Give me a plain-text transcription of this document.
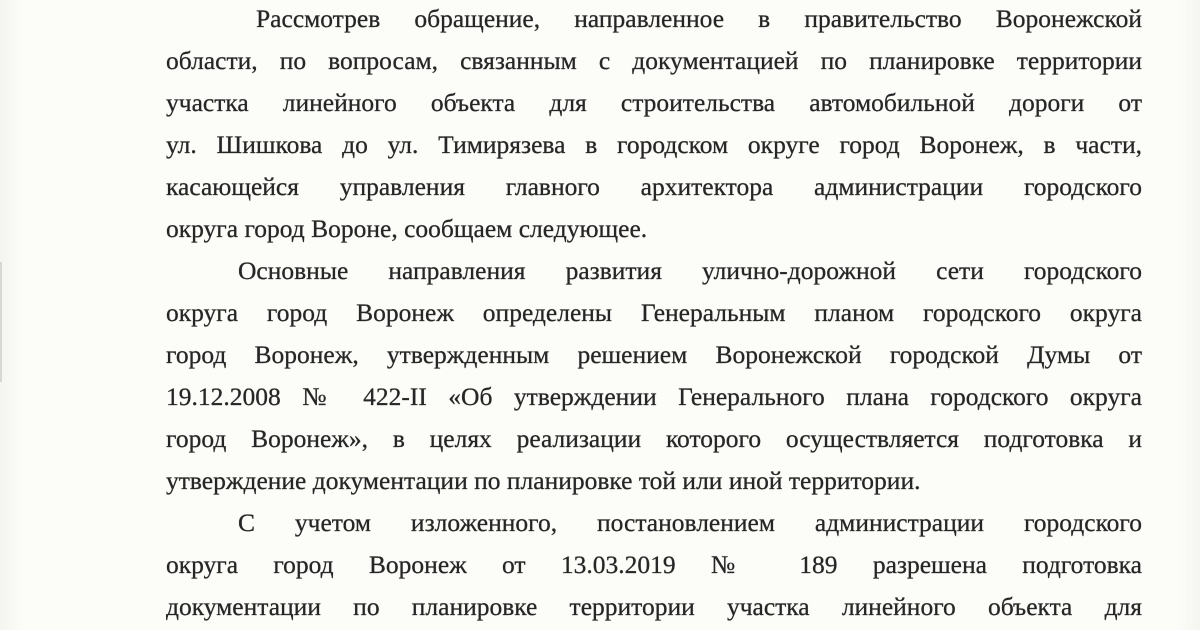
Рассмотрев обращение, направленное в правительство Воронежской
области, по вопросам, связанным с документацией по планировке территории
участка линейного объекта для строительства автомобильной дороги от
ул. Шишкова до ул. Тимирязева в городском округе город Воронеж, в части,
касающейся управления главного архитектора администрации городского
округа город Вороне, сообщаем следующее.
Основные направления развития улично-дорожной сети городского
округа город Воронеж определены Генеральным планом городского округа
город Воронеж, утвержденным решением Воронежской городской Думы от
19.12.2008 № 422-II «Об утверждении Генерального плана городского округа
город Воронеж», в целях реализации которого осуществляется подготовка и
утверждение документации по планировке той или иной территории.
С учетом изложенного, постановлением администрации городского
округа город Воронеж от 13.03.2019 № 189 разрешена подготовка
документации по планировке территории участка линейного объекта для
